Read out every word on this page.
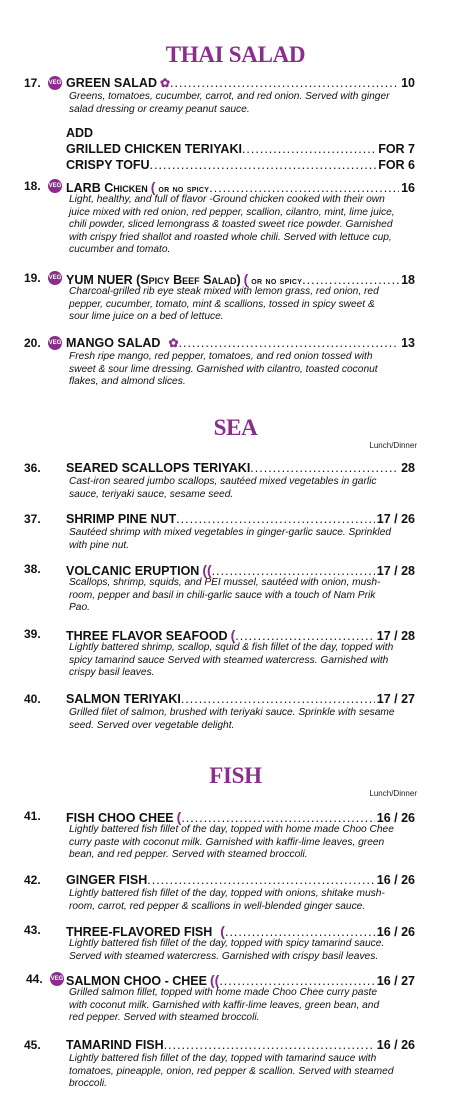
THAI SALAD
17. VEG GREEN SALAD ✿ .....	10
Greens, tomatoes, cucumber, carrot, and red onion. Served with ginger salad dressing or creamy peanut sauce.
ADD
GRILLED CHICKEN TERIYAKI .....	FOR 7
CRISPY TOFU .....	FOR 6
18. VEG LARB Chicken ( or no spicy .....	16
Light, healthy, and full of flavor -Ground chicken cooked with their own juice mixed with red onion, red pepper, scallion, cilantro, mint, lime juice, chili powder, sliced lemongrass & toasted sweet rice powder. Garnished with crispy fried shallot and roasted whole chili. Served with lettuce cup, cucumber and tomato.
19. VEG YUM NUER (Spicy Beef Salad) ( or no spicy .....	18
Charcoal-grilled rib eye steak mixed with lemon grass, red onion, red pepper, cucumber, tomato, mint & scallions, tossed in spicy sweet & sour lime juice on a bed of lettuce.
20. VEG MANGO SALAD ✿ .....	13
Fresh ripe mango, red pepper, tomatoes, and red onion tossed with sweet & sour lime dressing. Garnished with cilantro, toasted coconut flakes, and almond slices.
SEA
Lunch/Dinner
36. SEARED SCALLOPS TERIYAKI .....	28
Cast-iron seared jumbo scallops, sautéed mixed vegetables in garlic sauce, teriyaki sauce, sesame seed.
37. SHRIMP PINE NUT .....	17 / 26
Sautéed shrimp with mixed vegetables in ginger-garlic sauce. Sprinkled with pine nut.
38. VOLCANIC ERUPTION (( .....	17 / 28
Scallops, shrimp, squids, and PEI mussel, sautéed with onion, mush- room, pepper and basil in chili-garlic sauce with a touch of Nam Prik Pao.
39. THREE FLAVOR SEAFOOD ( .....	17 / 28
Lightly battered shrimp, scallop, squid & fish fillet of the day, topped with spicy tamarind sauce Served with steamed watercress. Garnished with crispy basil leaves.
40. SALMON TERIYAKI .....	17 / 27
Grilled filet of salmon, brushed with teriyaki sauce. Sprinkle with sesame seed. Served over vegetable delight.
FISH
Lunch/Dinner
41. FISH CHOO CHEE ( .....	16 / 26
Lightly battered fish fillet of the day, topped with home made Choo Chee curry paste with coconut milk. Garnished with kaffir-lime leaves, green bean, and red pepper. Served with steamed broccoli.
42. GINGER FISH .....	16 / 26
Lightly battered fish fillet of the day, topped with onions, shitake mush- room, carrot, red pepper & scallions in well-blended ginger sauce.
43. THREE-FLAVORED FISH ( .....	16 / 26
Lightly battered fish fillet of the day, topped with spicy tamarind sauce. Served with steamed watercress. Garnished with crispy basil leaves.
44. VEG SALMON CHOO - CHEE (( .....	16 / 27
Grilled salmon fillet, topped with home made Choo Chee curry paste with coconut milk. Garnished with kaffir-lime leaves, green bean, and red pepper. Served with steamed broccoli.
45. TAMARIND FISH .....	16 / 26
Lightly battered fish fillet of the day, topped with tamarind sauce with tomatoes, pineapple, onion, red pepper & scallion. Served with steamed broccoli.
